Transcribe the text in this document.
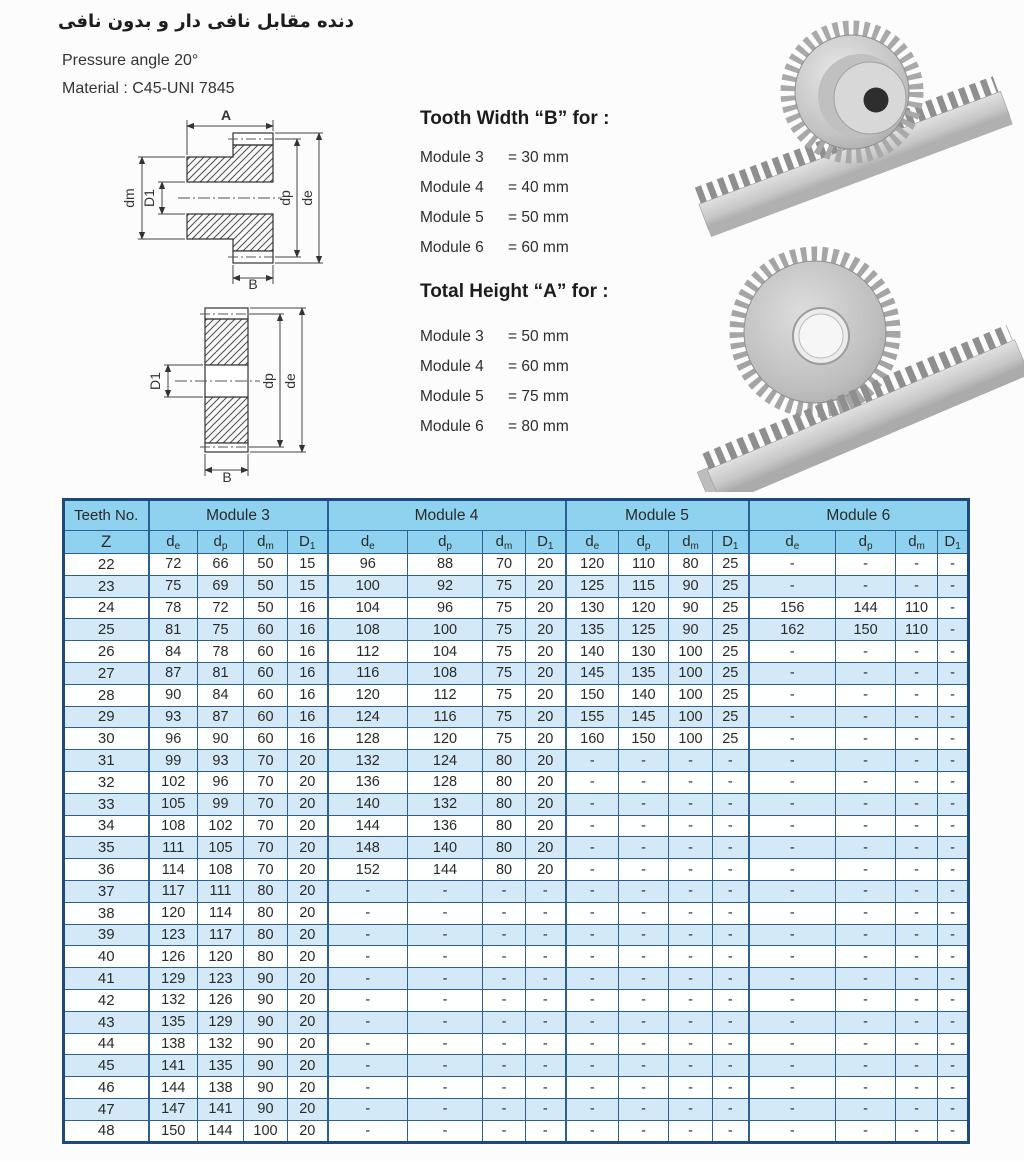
دنده مقابل نافی دار و بدون نافی
Pressure angle 20°
Material : C45-UNI 7845
A
B
dm D1	dp de
D1	dp de
B
Tooth Width “B” for :
Module 3	= 30 mm
Module 4	= 40 mm
Module 5	= 50 mm
Module 6	= 60 mm
Total Height “A” for :
Module 3	= 50 mm
Module 4	= 60 mm
Module 5	= 75 mm
Module 6	= 80 mm
Teeth No.	Module 3				Module 4				Module 5				Module 6			
Z	$d_e$	$d_p$	$d_m$	$D_1$	$d_e$	$d_p$	$d_m$	$D_1$	$d_e$	$d_p$	$d_m$	$D_1$	$d_e$	$d_p$	$d_m$	$D_1$
22	72	66	50	15	96	88	70	20	120	110	80	25	-	-	-	-
23	75	69	50	15	100	92	75	20	125	115	90	25	-	-	-	-
24	78	72	50	16	104	96	75	20	130	120	90	25	156	144	110	-
25	81	75	60	16	108	100	75	20	135	125	90	25	162	150	110	-
26	84	78	60	16	112	104	75	20	140	130	100	25	-	-	-	-
27	87	81	60	16	116	108	75	20	145	135	100	25	-	-	-	-
28	90	84	60	16	120	112	75	20	150	140	100	25	-	-	-	-
29	93	87	60	16	124	116	75	20	155	145	100	25	-	-	-	-
30	96	90	60	16	128	120	75	20	160	150	100	25	-	-	-	-
31	99	93	70	20	132	124	80	20	-	-	-	-	-	-	-	-
32	102	96	70	20	136	128	80	20	-	-	-	-	-	-	-	-
33	105	99	70	20	140	132	80	20	-	-	-	-	-	-	-	-
34	108	102	70	20	144	136	80	20	-	-	-	-	-	-	-	-
35	111	105	70	20	148	140	80	20	-	-	-	-	-	-	-	-
36	114	108	70	20	152	144	80	20	-	-	-	-	-	-	-	-
37	117	111	80	20	-	-	-	-	-	-	-	-	-	-	-	-
38	120	114	80	20	-	-	-	-	-	-	-	-	-	-	-	-
39	123	117	80	20	-	-	-	-	-	-	-	-	-	-	-	-
40	126	120	80	20	-	-	-	-	-	-	-	-	-	-	-	-
41	129	123	90	20	-	-	-	-	-	-	-	-	-	-	-	-
42	132	126	90	20	-	-	-	-	-	-	-	-	-	-	-	-
43	135	129	90	20	-	-	-	-	-	-	-	-	-	-	-	-
44	138	132	90	20	-	-	-	-	-	-	-	-	-	-	-	-
45	141	135	90	20	-	-	-	-	-	-	-	-	-	-	-	-
46	144	138	90	20	-	-	-	-	-	-	-	-	-	-	-	-
47	147	141	90	20	-	-	-	-	-	-	-	-	-	-	-	-
48	150	144	100	20	-	-	-	-	-	-	-	-	-	-	-	-
